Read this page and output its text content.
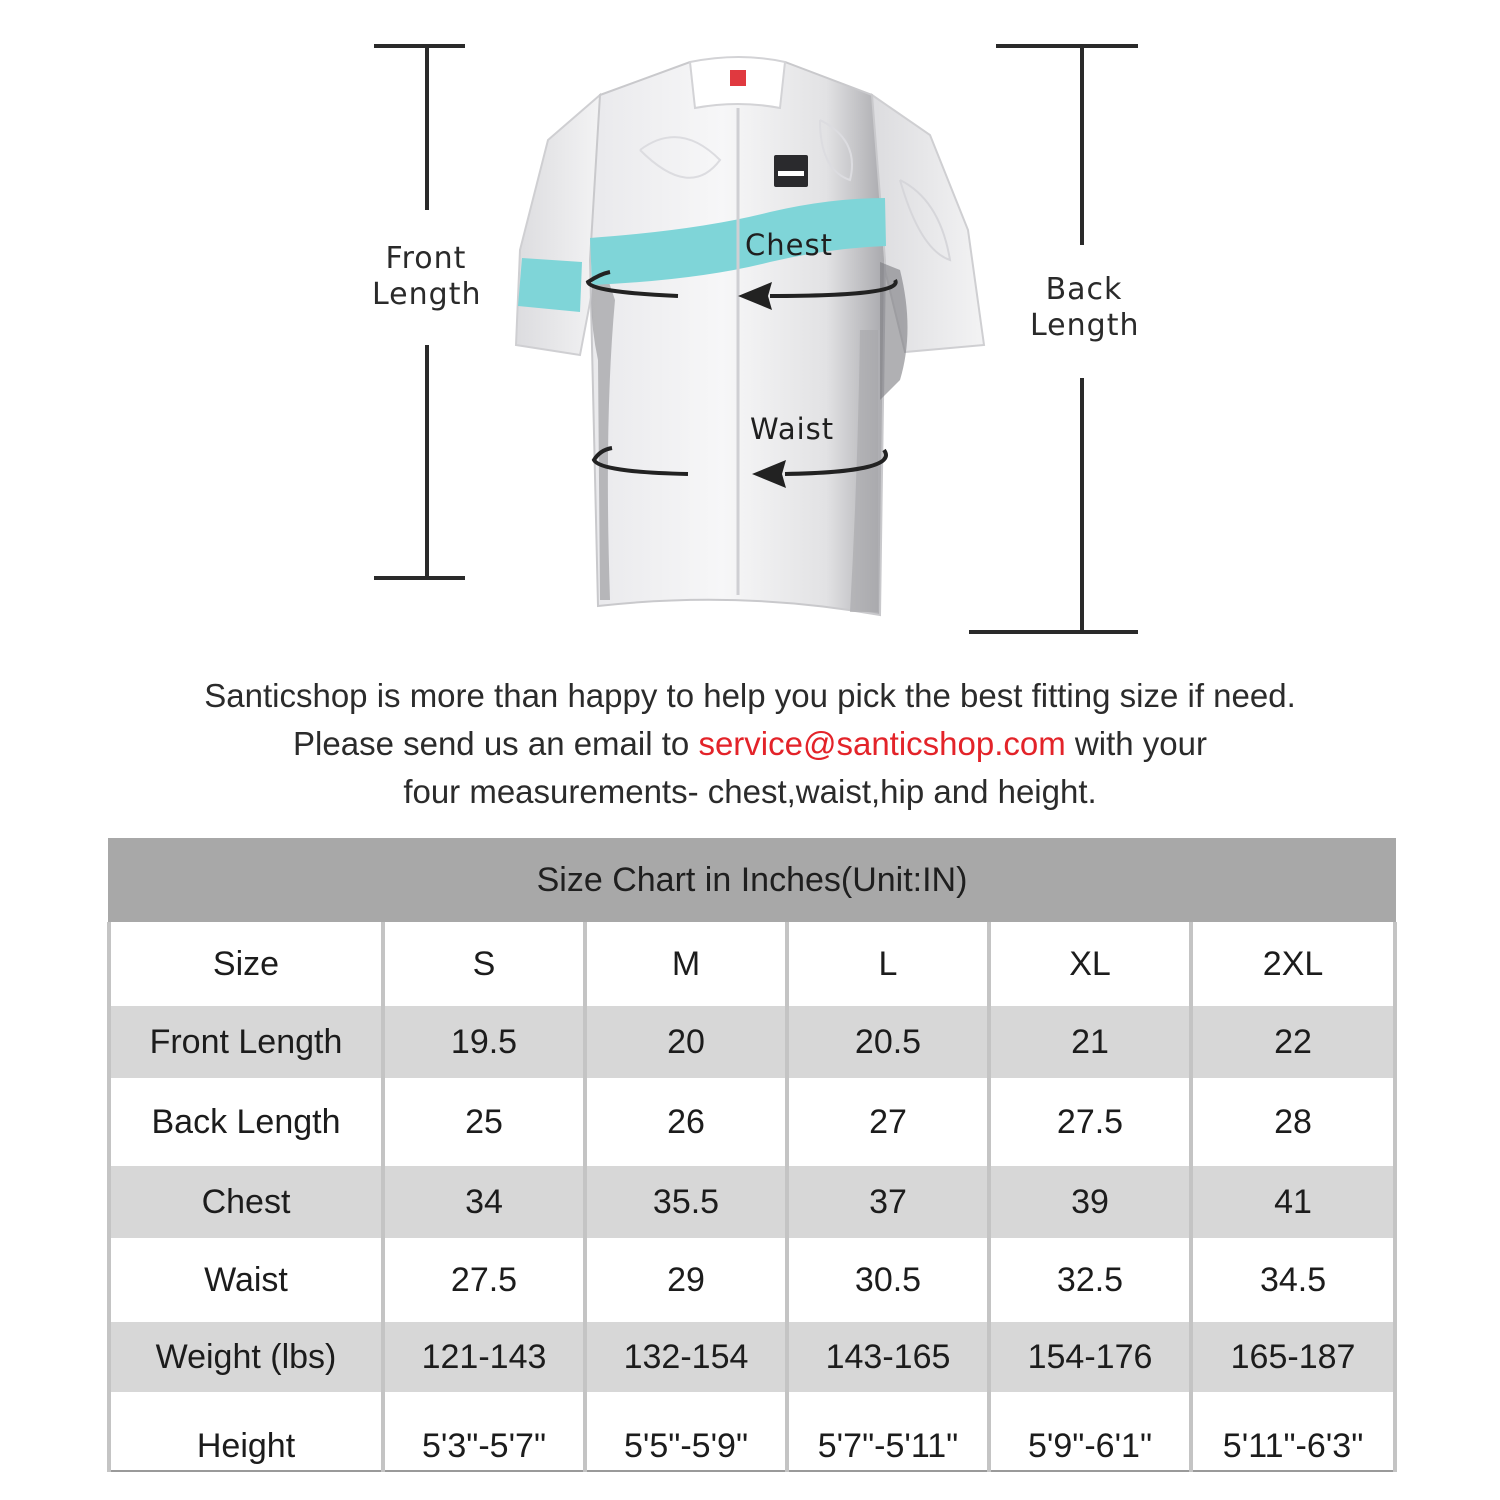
Front
Length	Back
Length
Chest
Waist
Santicshop is more than happy to help you pick the best fitting size if need.
Please send us an email to service@santicshop.com with your
four measurements- chest,waist,hip and height.
Size Chart in Inches(Unit:IN)					
Size	S	M	L	XL	2XL
Front Length	19.5	20	20.5	21	22
Back Length	25	26	27	27.5	28
Chest	34	35.5	37	39	41
Waist	27.5	29	30.5	32.5	34.5
Weight (lbs)	121-143	132-154	143-165	154-176	165-187
Height	5'3"-5'7"	5'5"-5'9"	5'7"-5'11"	5'9"-6'1"	5'11"-6'3"
